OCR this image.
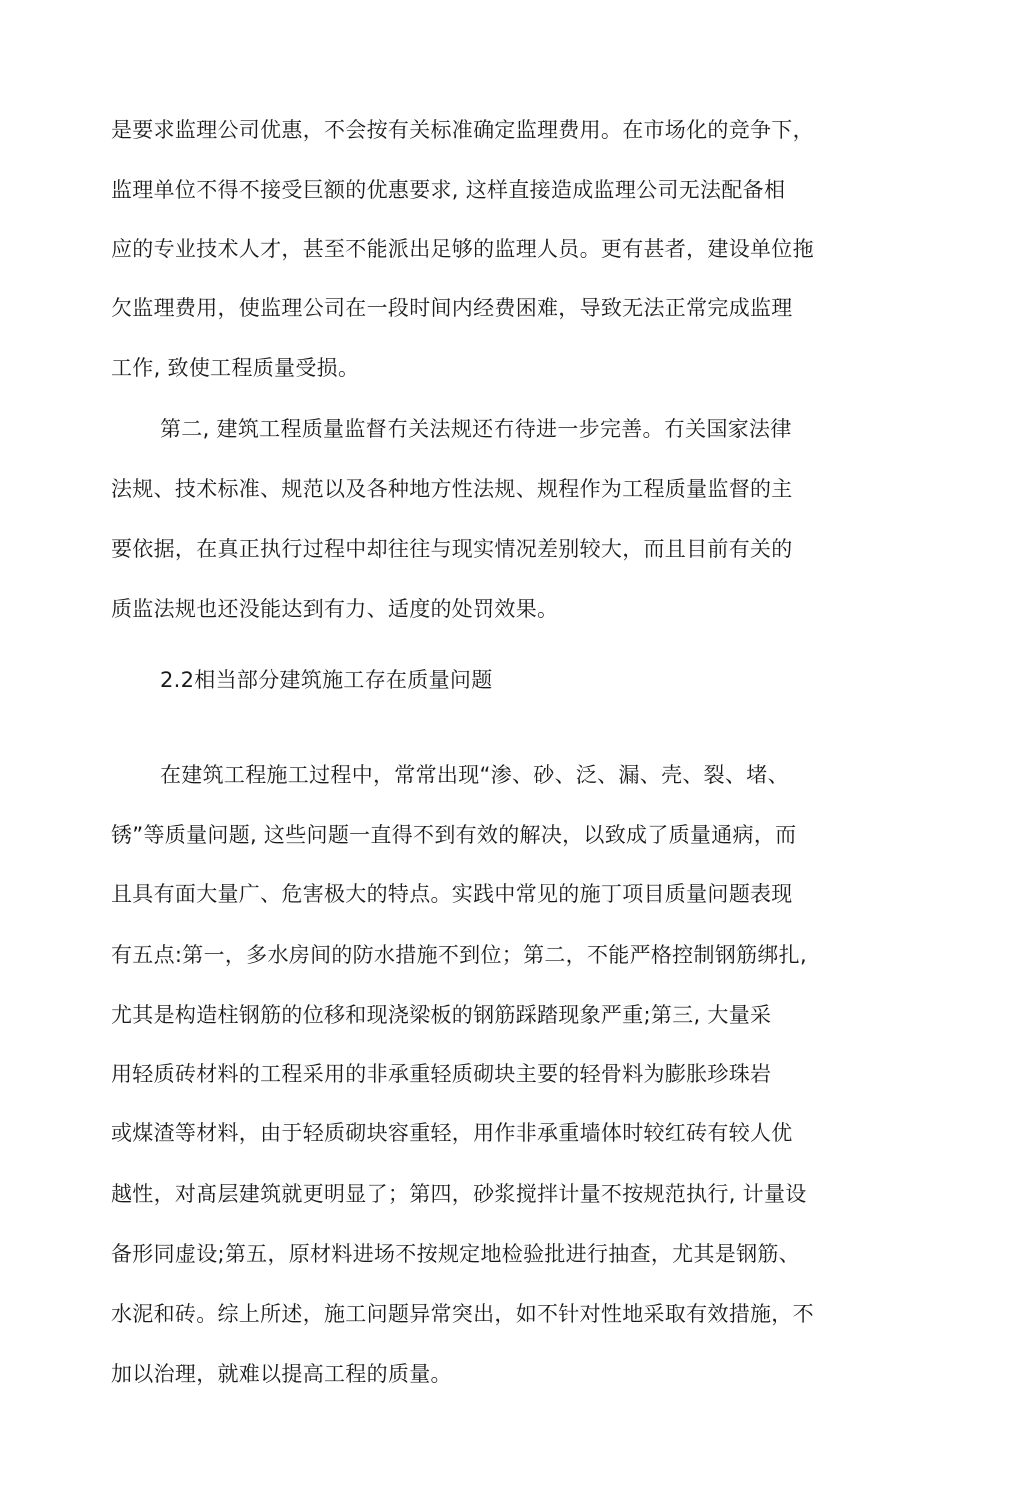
是要求监理公司优惠，不会按有关标准确定监理费用。在市场化的竞争下，
监理单位不得不接受巨额的优惠要求, 这样直接造成监理公司无法配备相
应的专业技术人才，甚至不能派出足够的监理人员。更有甚者，建设单位拖
欠监理费用，使监理公司在一段时间内经费困难，导致无法正常完成监理
工作, 致使工程质量受损。
第二, 建筑工程质量监督冇关法规还冇待进一步完善。冇关国家法律
法规、技术标准、规范以及各种地方性法规、规程作为工程质量监督的主
要依据，在真正执行过程中却往往与现实情况差别较大，而且目前有关的
质监法规也还没能达到有力、适度的处罚效果。
2.2相当部分建筑施工存在质量问题
在建筑工程施工过程中，常常出现“渗、砂、泛、漏、壳、裂、堵、
锈”等质量问题, 这些问题一直得不到有效的解决，以致成了质量通病，而
且具有面大量广、危害极大的特点。实践中常见的施丁项目质量问题表现
有五点:第一，多水房间的防水措施不到位；第二，不能严格控制钢筋绑扎,
尤其是构造柱钢筋的位移和现浇梁板的钢筋踩踏现象严重;第三, 大量采
用轻质砖材料的工程采用的非承重轻质砌块主要的轻骨料为膨胀珍珠岩
或煤渣等材料，由于轻质砌块容重轻，用作非承重墙体时较红砖有较人优
越性，对髙层建筑就更明显了；第四，砂浆搅拌计量不按规范执行, 计量设
备形同虚设;第五，原材料进场不按规定地检验批进行抽查，尤其是钢筋、
水泥和砖。综上所述，施工问题异常突出，如不针对性地采取有效措施，不
加以治理，就难以提高工程的质量。
